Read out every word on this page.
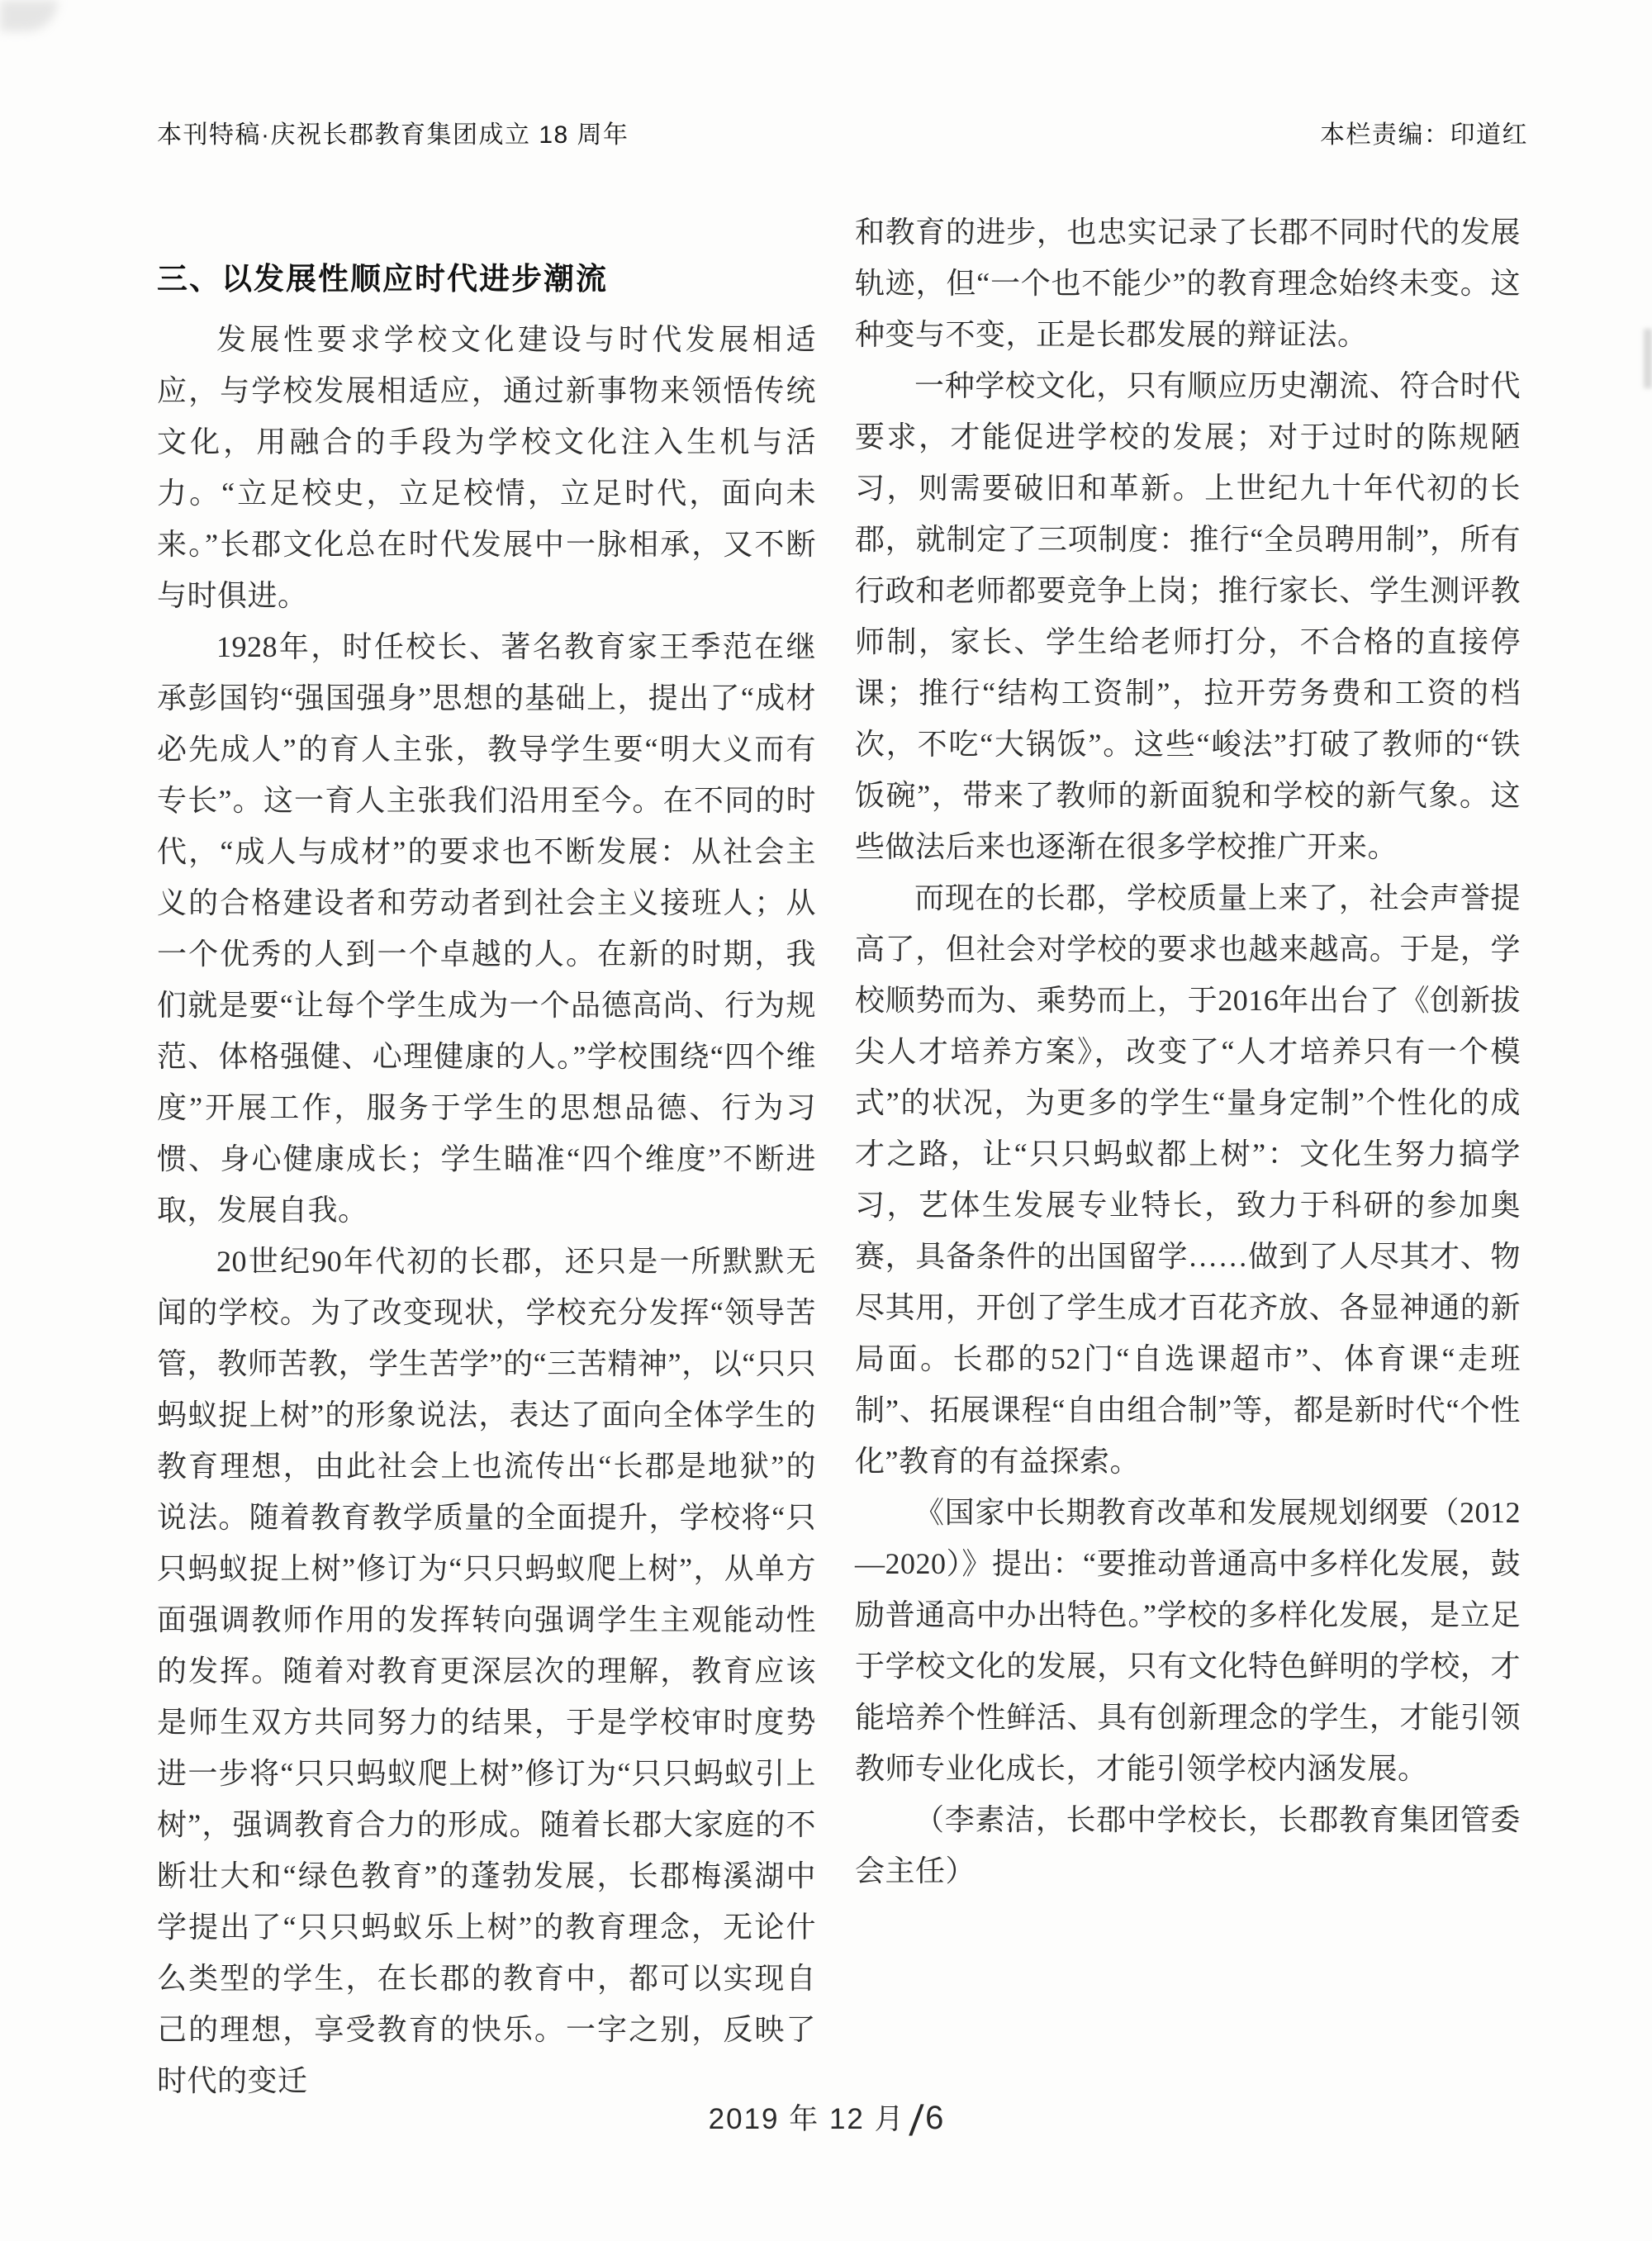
本刊特稿·庆祝长郡教育集团成立 18 周年	本栏责编：印道红
三、以发展性顺应时代进步潮流

发展性要求学校文化建设与时代发展相适应，与学校发展相适应，通过新事物来领悟传统文化，用融合的手段为学校文化注入生机与活力。“立足校史，立足校情，立足时代，面向未来。”长郡文化总在时代发展中一脉相承，又不断与时俱进。

1928年，时任校长、著名教育家王季范在继承彭国钧“强国强身”思想的基础上，提出了“成材必先成人”的育人主张，教导学生要“明大义而有专长”。这一育人主张我们沿用至今。在不同的时代，“成人与成材”的要求也不断发展：从社会主义的合格建设者和劳动者到社会主义接班人；从一个优秀的人到一个卓越的人。在新的时期，我们就是要“让每个学生成为一个品德高尚、行为规范、体格强健、心理健康的人。”学校围绕“四个维度”开展工作，服务于学生的思想品德、行为习惯、身心健康成长；学生瞄准“四个维度”不断进取，发展自我。

20世纪90年代初的长郡，还只是一所默默无闻的学校。为了改变现状，学校充分发挥“领导苦管，教师苦教，学生苦学”的“三苦精神”，以“只只蚂蚁捉上树”的形象说法，表达了面向全体学生的教育理想，由此社会上也流传出“长郡是地狱”的说法。随着教育教学质量的全面提升，学校将“只只蚂蚁捉上树”修订为“只只蚂蚁爬上树”，从单方面强调教师作用的发挥转向强调学生主观能动性的发挥。随着对教育更深层次的理解，教育应该是师生双方共同努力的结果，于是学校审时度势进一步将“只只蚂蚁爬上树”修订为“只只蚂蚁引上树”，强调教育合力的形成。随着长郡大家庭的不断壮大和“绿色教育”的蓬勃发展，长郡梅溪湖中学提出了“只只蚂蚁乐上树”的教育理念，无论什么类型的学生，在长郡的教育中，都可以实现自己的理想，享受教育的快乐。一字之别，反映了时代的变迁

和教育的进步，也忠实记录了长郡不同时代的发展轨迹，但“一个也不能少”的教育理念始终未变。这种变与不变，正是长郡发展的辩证法。

一种学校文化，只有顺应历史潮流、符合时代要求，才能促进学校的发展；对于过时的陈规陋习，则需要破旧和革新。上世纪九十年代初的长郡，就制定了三项制度：推行“全员聘用制”，所有行政和老师都要竞争上岗；推行家长、学生测评教师制，家长、学生给老师打分，不合格的直接停课；推行“结构工资制”，拉开劳务费和工资的档次，不吃“大锅饭”。这些“峻法”打破了教师的“铁饭碗”，带来了教师的新面貌和学校的新气象。这些做法后来也逐渐在很多学校推广开来。

而现在的长郡，学校质量上来了，社会声誉提高了，但社会对学校的要求也越来越高。于是，学校顺势而为、乘势而上，于2016年出台了《创新拔尖人才培养方案》，改变了“人才培养只有一个模式”的状况，为更多的学生“量身定制”个性化的成才之路，让“只只蚂蚁都上树”：文化生努力搞学习，艺体生发展专业特长，致力于科研的参加奥赛，具备条件的出国留学……做到了人尽其才、物尽其用，开创了学生成才百花齐放、各显神通的新局面。长郡的52门“自选课超市”、体育课“走班制”、拓展课程“自由组合制”等，都是新时代“个性化”教育的有益探索。

《国家中长期教育改革和发展规划纲要（2012—2020）》提出：“要推动普通高中多样化发展，鼓励普通高中办出特色。”学校的多样化发展，是立足于学校文化的发展，只有文化特色鲜明的学校，才能培养个性鲜活、具有创新理念的学生，才能引领教师专业化成长，才能引领学校内涵发展。

（李素洁，长郡中学校长，长郡教育集团管委会主任）

2019 年 12 月/6
